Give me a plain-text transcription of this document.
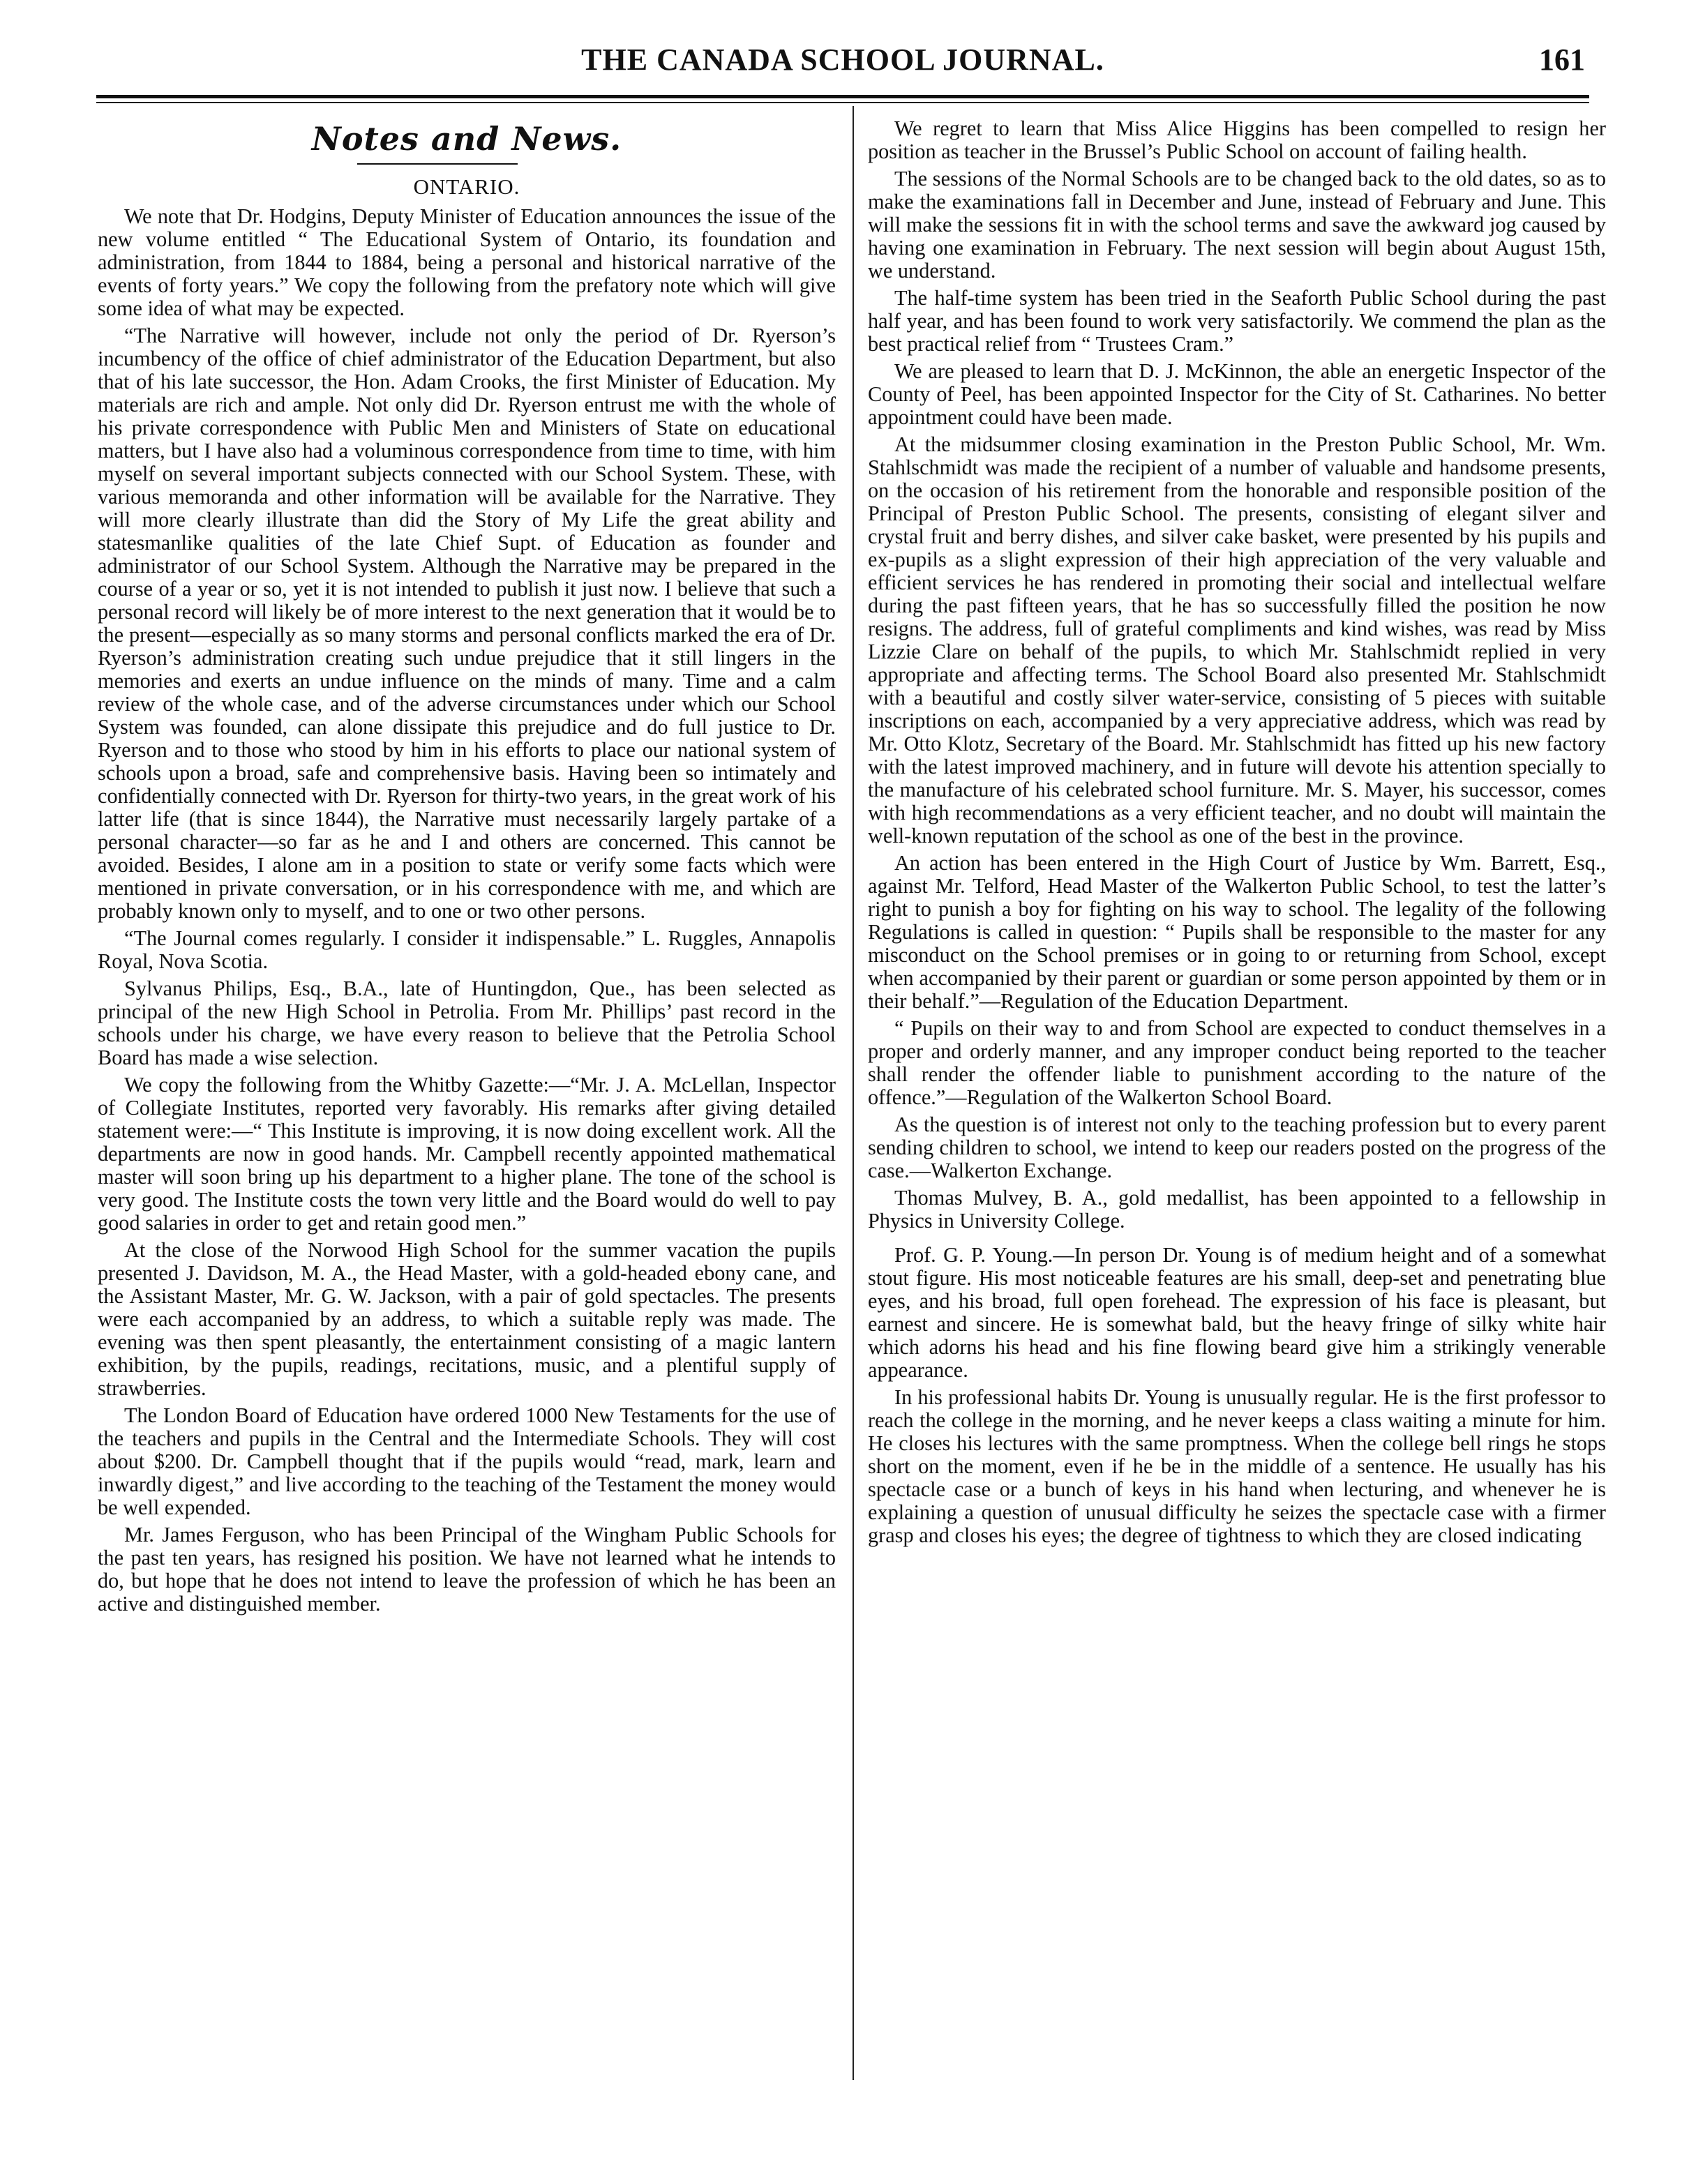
THE CANADA SCHOOL JOURNAL.	161
Notes and News.
ONTARIO.

We note that Dr. Hodgins, Deputy Minister of Education announces the issue of the new volume entitled “ The Educational System of Ontario, its foundation and administration, from 1844 to 1884, being a personal and historical narrative of the events of forty years.” We copy the following from the prefatory note which will give some idea of what may be expected.

“The Narrative will however, include not only the period of Dr. Ryerson’s incumbency of the office of chief administrator of the Education Department, but also that of his late successor, the Hon. Adam Crooks, the first Minister of Education. My materials are rich and ample. Not only did Dr. Ryerson entrust me with the whole of his private correspondence with Public Men and Ministers of State on educational matters, but I have also had a voluminous correspondence from time to time, with him myself on several important subjects connected with our School System. These, with various memoranda and other information will be available for the Narrative. They will more clearly illustrate than did the Story of My Life the great ability and statesmanlike qualities of the late Chief Supt. of Education as founder and administrator of our School System. Although the Narrative may be prepared in the course of a year or so, yet it is not intended to publish it just now. I believe that such a personal record will likely be of more interest to the next generation that it would be to the present—especially as so many storms and personal conflicts marked the era of Dr. Ryerson’s administration creating such undue prejudice that it still lingers in the memories and exerts an undue influence on the minds of many. Time and a calm review of the whole case, and of the adverse circumstances under which our School System was founded, can alone dissipate this prejudice and do full justice to Dr. Ryerson and to those who stood by him in his efforts to place our national system of schools upon a broad, safe and comprehensive basis. Having been so intimately and confidentially connected with Dr. Ryerson for thirty-two years, in the great work of his latter life (that is since 1844), the Narrative must necessarily largely partake of a personal character—so far as he and I and others are concerned. This cannot be avoided. Besides, I alone am in a position to state or verify some facts which were mentioned in private conversation, or in his correspondence with me, and which are probably known only to myself, and to one or two other persons.

“The Journal comes regularly. I consider it indispensable.” L. Ruggles, Annapolis Royal, Nova Scotia.

Sylvanus Philips, Esq., B.A., late of Huntingdon, Que., has been selected as principal of the new High School in Petrolia. From Mr. Phillips’ past record in the schools under his charge, we have every reason to believe that the Petrolia School Board has made a wise selection.

We copy the following from the Whitby Gazette:—“Mr. J. A. McLellan, Inspector of Collegiate Institutes, reported very favorably. His remarks after giving detailed statement were:—“ This Institute is improving, it is now doing excellent work. All the departments are now in good hands. Mr. Campbell recently appointed mathematical master will soon bring up his department to a higher plane. The tone of the school is very good. The Institute costs the town very little and the Board would do well to pay good salaries in order to get and retain good men.”

At the close of the Norwood High School for the summer vacation the pupils presented J. Davidson, M. A., the Head Master, with a gold-headed ebony cane, and the Assistant Master, Mr. G. W. Jackson, with a pair of gold spectacles. The presents were each accompanied by an address, to which a suitable reply was made. The evening was then spent pleasantly, the entertainment consisting of a magic lantern exhibition, by the pupils, readings, recitations, music, and a plentiful supply of strawberries.

The London Board of Education have ordered 1000 New Testaments for the use of the teachers and pupils in the Central and the Intermediate Schools. They will cost about $200. Dr. Campbell thought that if the pupils would “read, mark, learn and inwardly digest,” and live according to the teaching of the Testament the money would be well expended.

Mr. James Ferguson, who has been Principal of the Wingham Public Schools for the past ten years, has resigned his position. We have not learned what he intends to do, but hope that he does not intend to leave the profession of which he has been an active and distinguished member.

We regret to learn that Miss Alice Higgins has been compelled to resign her position as teacher in the Brussel’s Public School on account of failing health.

The sessions of the Normal Schools are to be changed back to the old dates, so as to make the examinations fall in December and June, instead of February and June. This will make the sessions fit in with the school terms and save the awkward jog caused by having one examination in February. The next session will begin about August 15th, we understand.

The half-time system has been tried in the Seaforth Public School during the past half year, and has been found to work very satisfactorily. We commend the plan as the best practical relief from “ Trustees Cram.”

We are pleased to learn that D. J. McKinnon, the able an energetic Inspector of the County of Peel, has been appointed Inspector for the City of St. Catharines. No better appointment could have been made.

At the midsummer closing examination in the Preston Public School, Mr. Wm. Stahlschmidt was made the recipient of a number of valuable and handsome presents, on the occasion of his retirement from the honorable and responsible position of the Principal of Preston Public School. The presents, consisting of elegant silver and crystal fruit and berry dishes, and silver cake basket, were presented by his pupils and ex-pupils as a slight expression of their high appreciation of the very valuable and efficient services he has rendered in promoting their social and intellectual welfare during the past fifteen years, that he has so successfully filled the position he now resigns. The address, full of grateful compliments and kind wishes, was read by Miss Lizzie Clare on behalf of the pupils, to which Mr. Stahlschmidt replied in very appropriate and affecting terms. The School Board also presented Mr. Stahlschmidt with a beautiful and costly silver water-service, consisting of 5 pieces with suitable inscriptions on each, accompanied by a very appreciative address, which was read by Mr. Otto Klotz, Secretary of the Board. Mr. Stahlschmidt has fitted up his new factory with the latest improved machinery, and in future will devote his attention specially to the manufacture of his celebrated school furniture. Mr. S. Mayer, his successor, comes with high recommendations as a very efficient teacher, and no doubt will maintain the well-known reputation of the school as one of the best in the province.

An action has been entered in the High Court of Justice by Wm. Barrett, Esq., against Mr. Telford, Head Master of the Walkerton Public School, to test the latter’s right to punish a boy for fighting on his way to school. The legality of the following Regulations is called in question: “ Pupils shall be responsible to the master for any misconduct on the School premises or in going to or returning from School, except when accompanied by their parent or guardian or some person appointed by them or in their behalf.”—Regulation of the Education Department.

“ Pupils on their way to and from School are expected to conduct themselves in a proper and orderly manner, and any improper conduct being reported to the teacher shall render the offender liable to punishment according to the nature of the offence.”—Regulation of the Walkerton School Board.

As the question is of interest not only to the teaching profession but to every parent sending children to school, we intend to keep our readers posted on the progress of the case.—Walkerton Exchange.

Thomas Mulvey, B. A., gold medallist, has been appointed to a fellowship in Physics in University College.

Prof. G. P. Young.—In person Dr. Young is of medium height and of a somewhat stout figure. His most noticeable features are his small, deep-set and penetrating blue eyes, and his broad, full open forehead. The expression of his face is pleasant, but earnest and sincere. He is somewhat bald, but the heavy fringe of silky white hair which adorns his head and his fine flowing beard give him a strikingly venerable appearance.

In his professional habits Dr. Young is unusually regular. He is the first professor to reach the college in the morning, and he never keeps a class waiting a minute for him. He closes his lectures with the same promptness. When the college bell rings he stops short on the moment, even if he be in the middle of a sentence. He usually has his spectacle case or a bunch of keys in his hand when lecturing, and whenever he is explaining a question of unusual difficulty he seizes the spectacle case with a firmer grasp and closes his eyes; the degree of tightness to which they are closed indicating
